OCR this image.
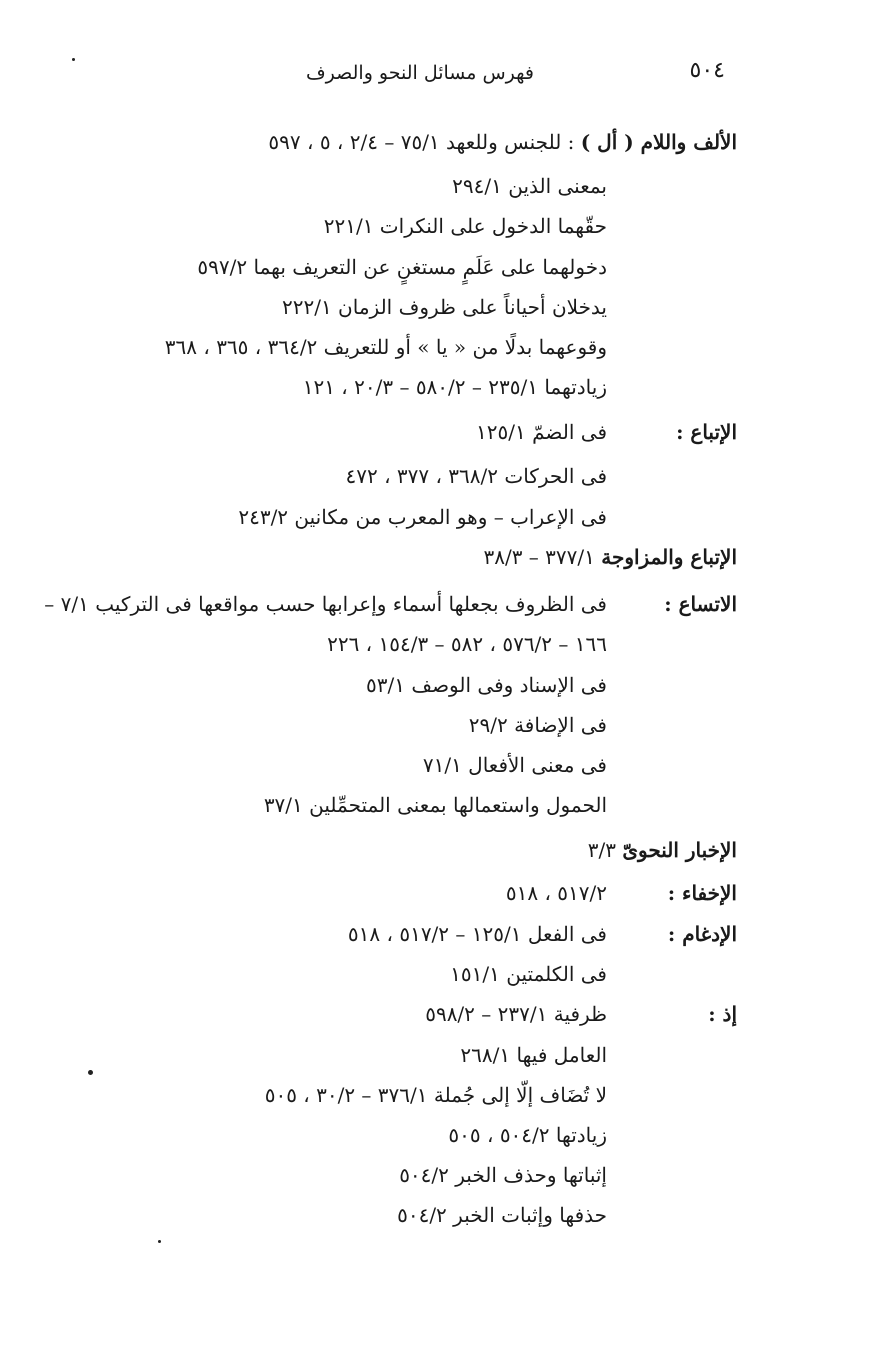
٥٠٤
فهرس مسائل النحو والصرف
الألف واللام ( أل ) : للجنس وللعهد ٧٥/١ – ٢/٤ ، ٥ ، ٥٩٧
بمعنى الذين ٢٩٤/١
حقّهما الدخول على النكرات ٢٢١/١
دخولهما على عَلَمٍ مستغنٍ عن التعريف بهما ٥٩٧/٢
يدخلان أحياناً على ظروف الزمان ٢٢٢/١
وقوعهما بدلًا من « يا » أو للتعريف ٣٦٤/٢ ، ٣٦٥ ، ٣٦٨
زيادتهما ٢٣٥/١ – ٥٨٠/٢ – ٢٠/٣ ، ١٢١
الإتباع :
فى الضمّ ١٢٥/١
فى الحركات ٣٦٨/٢ ، ٣٧٧ ، ٤٧٢
فى الإعراب – وهو المعرب من مكانين ٢٤٣/٢
الإتباع والمزاوجة ٣٧٧/١ – ٣٨/٣
الاتساع :
فى الظروف بجعلها أسماء وإعرابها حسب مواقعها فى التركيب ٧/١ –
١٦٦ – ٥٧٦/٢ ، ٥٨٢ – ١٥٤/٣ ، ٢٢٦
فى الإسناد وفى الوصف ٥٣/١
فى الإضافة ٢٩/٢
فى معنى الأفعال ٧١/١
الحمول واستعمالها بمعنى المتحمِّلين ٣٧/١
الإخبار النحوىّ ٣/٣
الإخفاء :
٥١٧/٢ ، ٥١٨
الإدغام :
فى الفعل ١٢٥/١ – ٥١٧/٢ ، ٥١٨
فى الكلمتين ١٥١/١
إذ :
ظرفية ٢٣٧/١ – ٥٩٨/٢
العامل فيها ٢٦٨/١
لا تُضَاف إلّا إلى جُملة ٣٧٦/١ – ٣٠/٢ ، ٥٠٥
زيادتها ٥٠٤/٢ ، ٥٠٥
إثباتها وحذف الخبر ٥٠٤/٢
حذفها وإثبات الخبر ٥٠٤/٢
